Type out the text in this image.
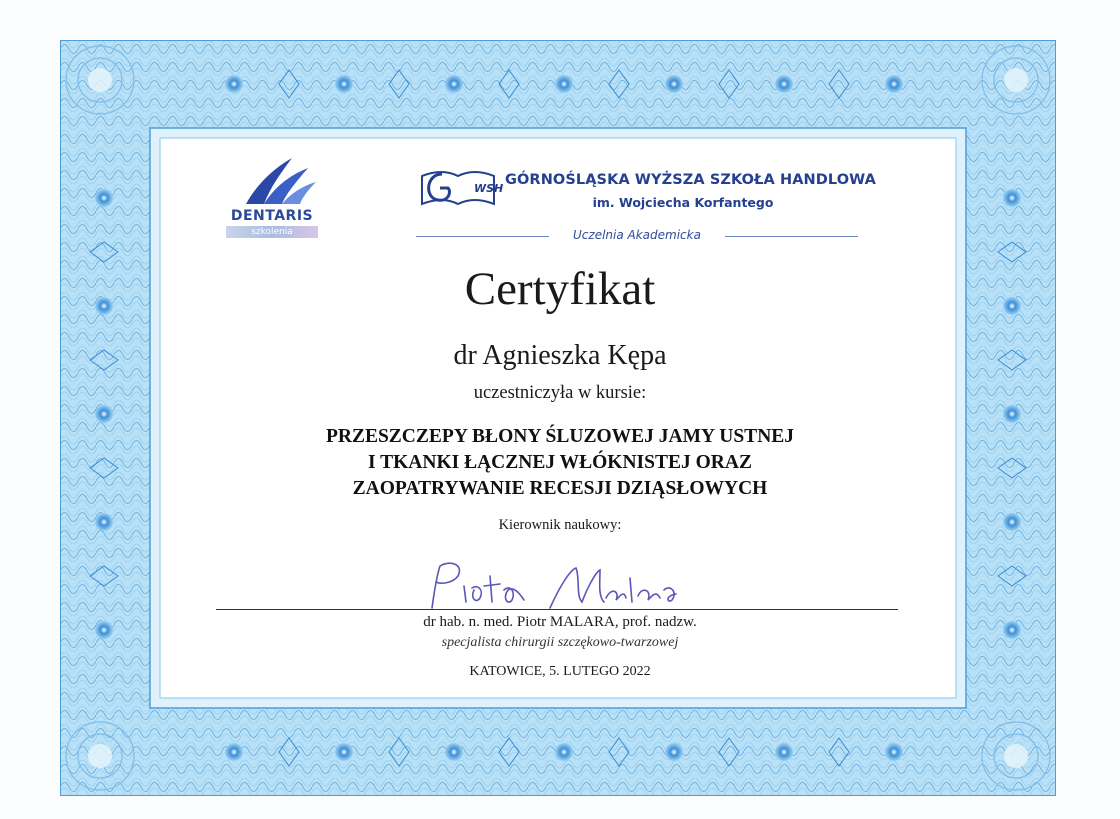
DENTARIS
szkolenia
WSH
GÓRNOŚLĄSKA WYŻSZA SZKOŁA HANDLOWA
im. Wojciecha Korfantego
Uczelnia Akademicka
Certyfikat
dr Agnieszka Kępa
uczestniczyła w kursie:
PRZESZCZEPY BŁONY ŚLUZOWEJ JAMY USTNEJ
I TKANKI ŁĄCZNEJ WŁÓKNISTEJ ORAZ
ZAOPATRYWANIE RECESJI DZIĄSŁOWYCH
Kierownik naukowy:
dr hab. n. med. Piotr MALARA, prof. nadzw.
specjalista chirurgii szczękowo-twarzowej
KATOWICE, 5. LUTEGO 2022
